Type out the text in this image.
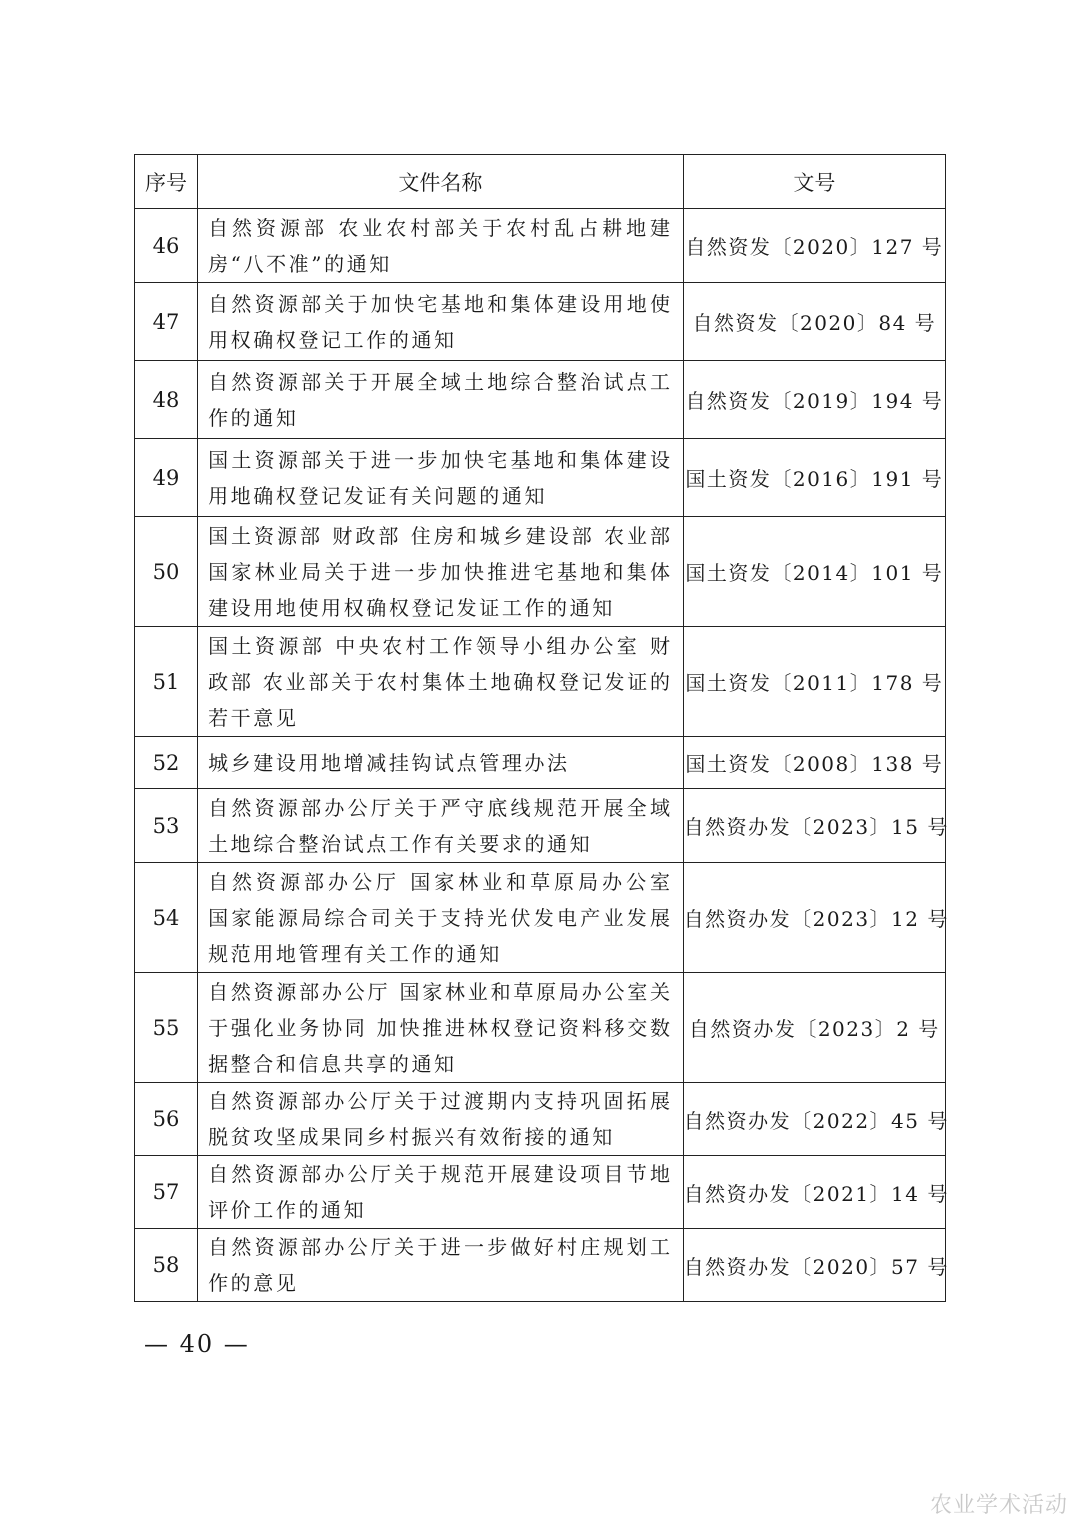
序号	文件名称	文号
46	自然资源部 农业农村部关于农村乱占耕地建房“八不准”的通知	自然资发〔2020〕127 号
47	自然资源部关于加快宅基地和集体建设用地使用权确权登记工作的通知	自然资发〔2020〕84 号
48	自然资源部关于开展全域土地综合整治试点工作的通知	自然资发〔2019〕194 号
49	国土资源部关于进一步加快宅基地和集体建设用地确权登记发证有关问题的通知	国土资发〔2016〕191 号
50	国土资源部 财政部 住房和城乡建设部 农业部 国家林业局关于进一步加快推进宅基地和集体建设用地使用权确权登记发证工作的通知	国土资发〔2014〕101 号
51	国土资源部 中央农村工作领导小组办公室 财政部 农业部关于农村集体土地确权登记发证的若干意见	国土资发〔2011〕178 号
52	城乡建设用地增减挂钩试点管理办法	国土资发〔2008〕138 号
53	自然资源部办公厅关于严守底线规范开展全域土地综合整治试点工作有关要求的通知	自然资办发〔2023〕15 号
54	自然资源部办公厅 国家林业和草原局办公室 国家能源局综合司关于支持光伏发电产业发展规范用地管理有关工作的通知	自然资办发〔2023〕12 号
55	自然资源部办公厅 国家林业和草原局办公室关于强化业务协同 加快推进林权登记资料移交数据整合和信息共享的通知	自然资办发〔2023〕2 号
56	自然资源部办公厅关于过渡期内支持巩固拓展脱贫攻坚成果同乡村振兴有效衔接的通知	自然资办发〔2022〕45 号
57	自然资源部办公厅关于规范开展建设项目节地评价工作的通知	自然资办发〔2021〕14 号
58	自然资源部办公厅关于进一步做好村庄规划工作的意见	自然资办发〔2020〕57 号
— 40 —
农业学术活动
